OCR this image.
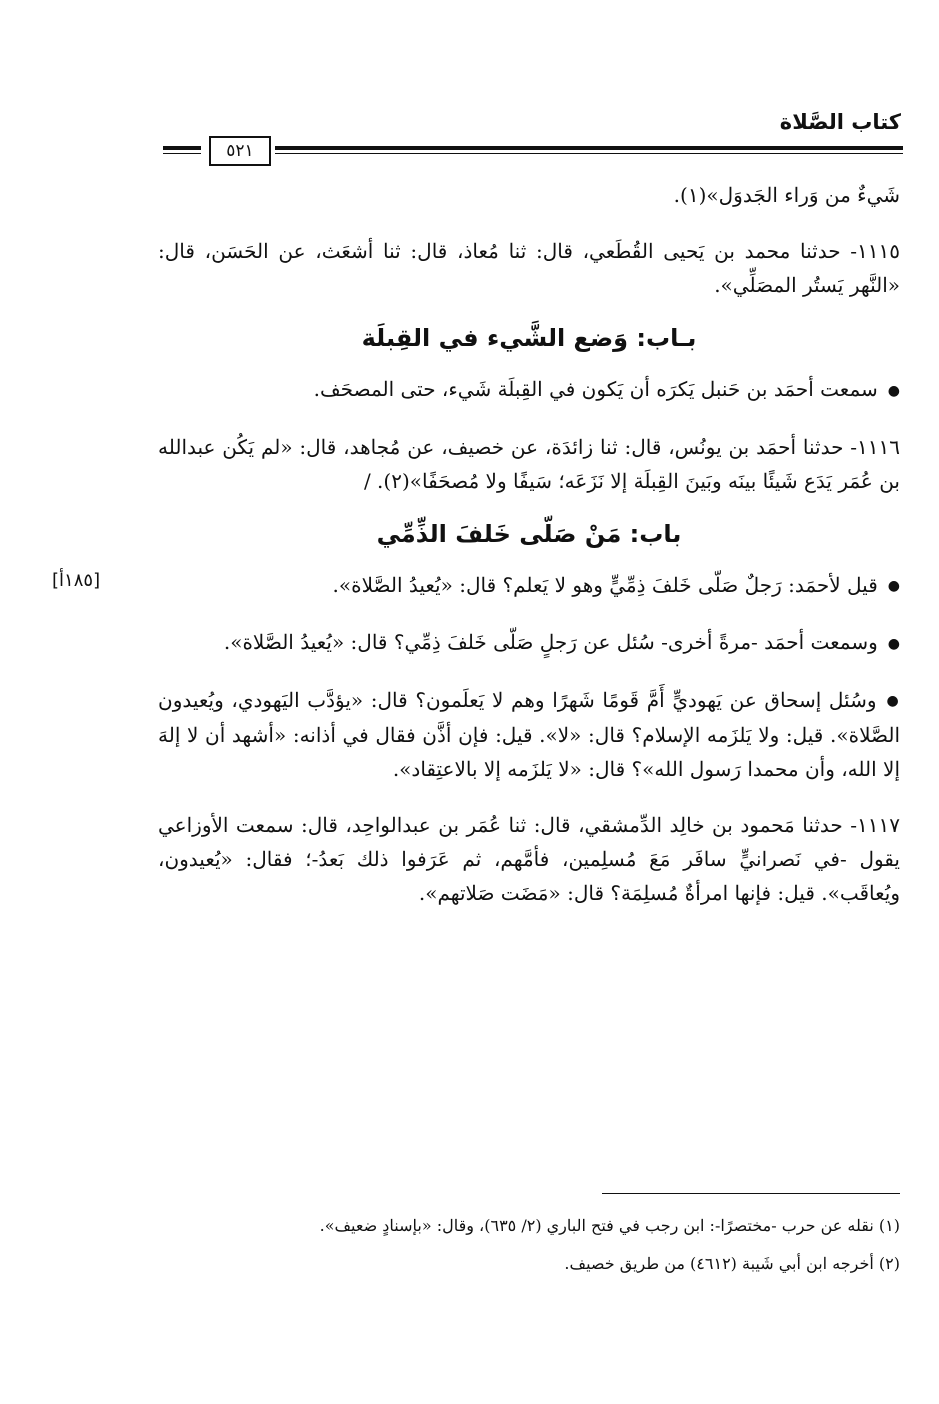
كتاب الصَّلاة
٥٢١
[١٨٥أ]

شَيءٌ من وَراء الجَدوَل»(١).

١١١٥- حدثنا محمد بن يَحيى القُطَعي، قال: ثنا مُعاذ، قال: ثنا أشعَث، عن الحَسَن، قال: «النَّهر يَستُر المصَلِّي».

بـاب: وَضع الشَّيء في القِبلَة

● سمعت أحمَد بن حَنبل يَكرَه أن يَكون في القِبلَة شَيء، حتى المصحَف.

١١١٦- حدثنا أحمَد بن يونُس، قال: ثنا زائدَة، عن خصيف، عن مُجاهد، قال: «لم يَكُن عبدالله بن عُمَر يَدَع شَيئًا بينَه وبَينَ القِبلَة إلا نَزَعَه؛ سَيفًا ولا مُصحَفًا»(٢). /

باب: مَنْ صَلّى خَلفَ الذِّمِّي

● قيل لأحمَد: رَجلٌ صَلّى خَلفَ ذِمِّيٍّ وهو لا يَعلم؟ قال: «يُعيدُ الصَّلاة».

● وسمعت أحمَد -مرةً أخرى- سُئل عن رَجلٍ صَلّى خَلفَ ذِمِّي؟ قال: «يُعيدُ الصَّلاة».

● وسُئل إسحاق عن يَهوديٍّ أَمَّ قَومًا شَهرًا وهم لا يَعلَمون؟ قال: «يؤدَّب اليَهودي، ويُعيدون الصَّلاة». قيل: ولا يَلزَمه الإسلام؟ قال: «لا». قيل: فإن أذَّن فقال في أذانه: «أشهد أن لا إلهَ إلا الله، وأن محمدا رَسول الله»؟ قال: «لا يَلزَمه إلا بالاعتِقاد».

١١١٧- حدثنا مَحمود بن خالِد الدِّمشقي، قال: ثنا عُمَر بن عبدالواحِد، قال: سمعت الأوزاعي يقول -في نَصرانيٍّ سافَر مَعَ مُسلِمين، فأمَّهم، ثم عَرَفوا ذلك بَعدُ-؛ فقال: «يُعيدون، ويُعاقَب». قيل: فإنها امرأةٌ مُسلِمَة؟ قال: «مَضَت صَلاتهم».

(١) نقله عن حرب -مختصرًا-: ابن رجب في فتح الباري (٢/ ٦٣٥)، وقال: «بإسنادٍ ضعيف».

(٢) أخرجه ابن أبي شَيبة (٤٦١٢) من طريق خصيف.
